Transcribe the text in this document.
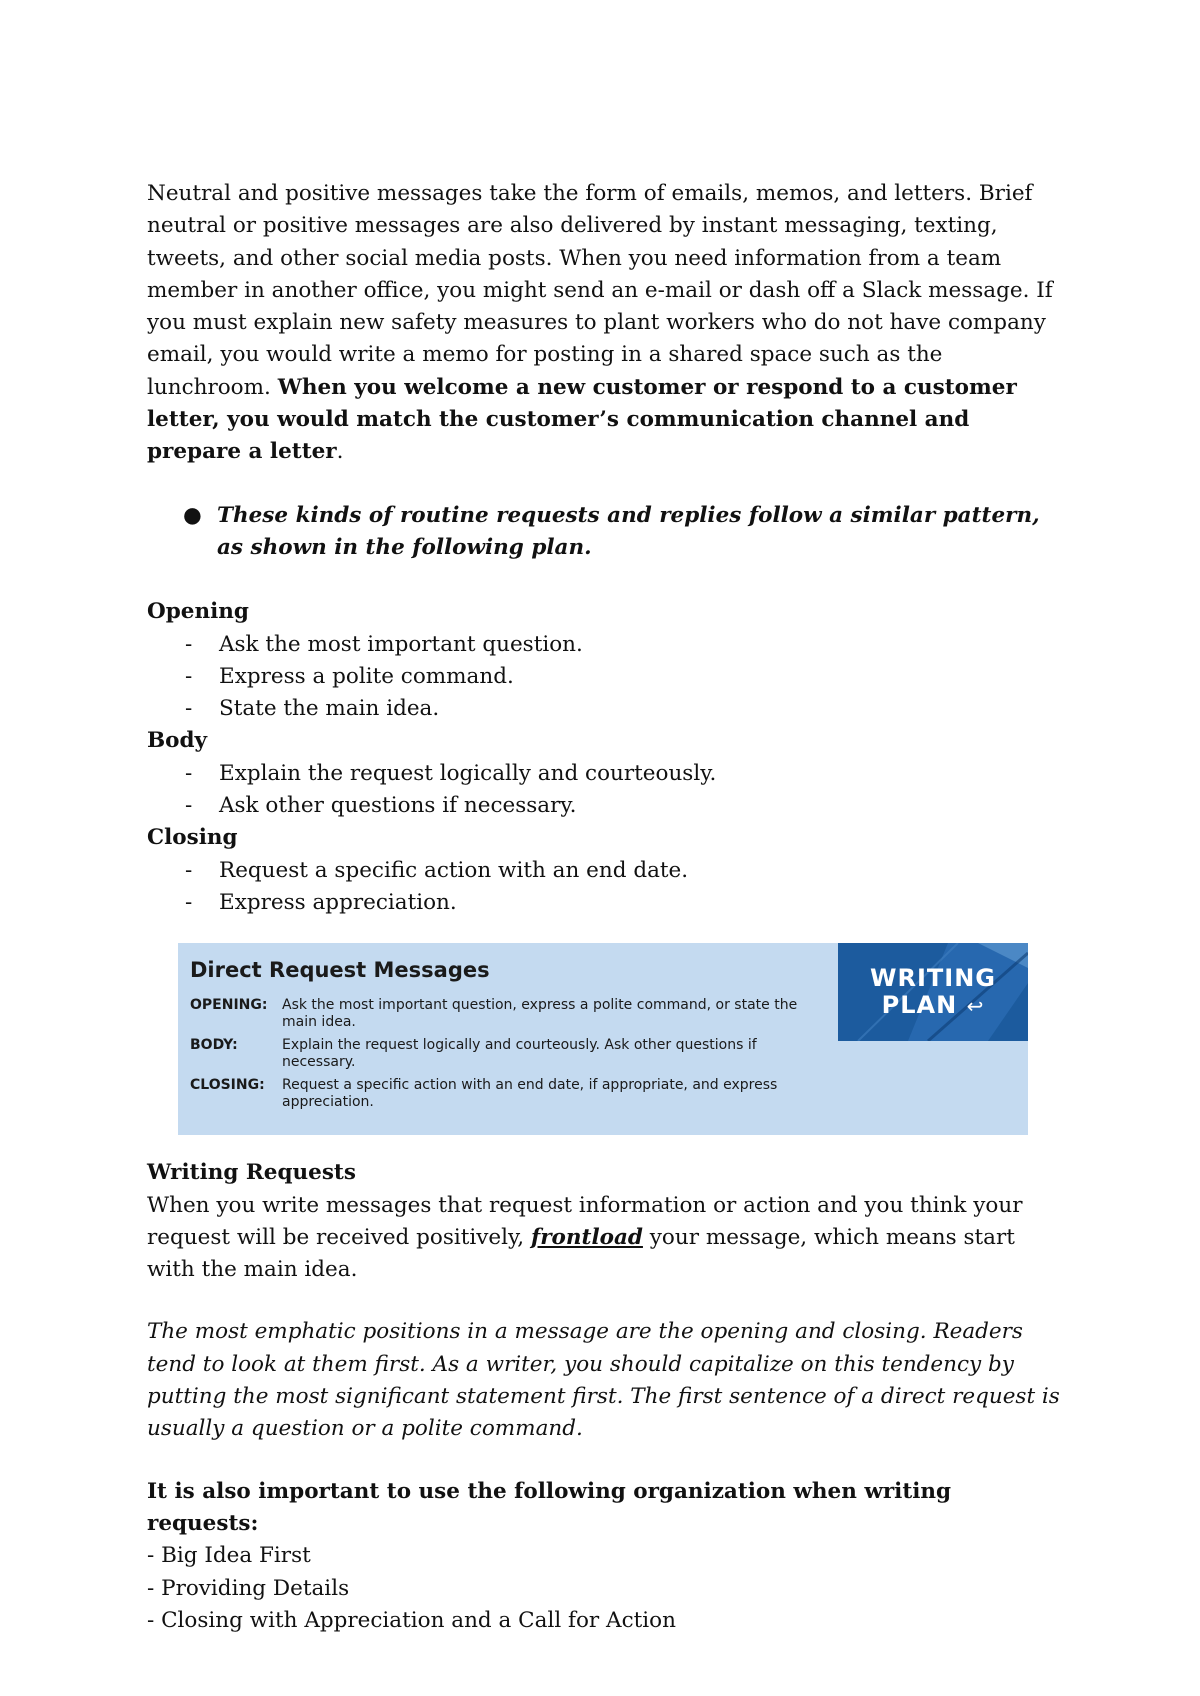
Neutral and positive messages take the form of emails, memos, and letters. Brief neutral or positive messages are also delivered by instant messaging, texting, tweets, and other social media posts. When you need information from a team member in another office, you might send an e-mail or dash off a Slack message. If you must explain new safety measures to plant workers who do not have company email, you would write a memo for posting in a shared space such as the lunchroom. When you welcome a new customer or respond to a customer letter, you would match the customer’s communication channel and prepare a letter.

● These kinds of routine requests and replies follow a similar pattern, as shown in the following plan.
Opening
-	Ask the most important question.
-	Express a polite command.
-	State the main idea.
Body
-	Explain the request logically and courteously.
-	Ask other questions if necessary.
Closing
-	Request a specific action with an end date.
-	Express appreciation.
Direct Request Messages
OPENING:	Ask the most important question, express a polite command, or state the main idea.
BODY:	Explain the request logically and courteously. Ask other questions if necessary.
CLOSING:	Request a specific action with an end date, if appropriate, and express appreciation.
WRITING
PLAN ↩
Writing Requests

When you write messages that request information or action and you think your request will be received positively, frontload your message, which means start with the main idea.

The most emphatic positions in a message are the opening and closing. Readers tend to look at them first. As a writer, you should capitalize on this tendency by putting the most significant statement first. The first sentence of a direct request is usually a question or a polite command.

It is also important to use the following organization when writing requests:
- Big Idea First
- Providing Details
- Closing with Appreciation and a Call for Action
